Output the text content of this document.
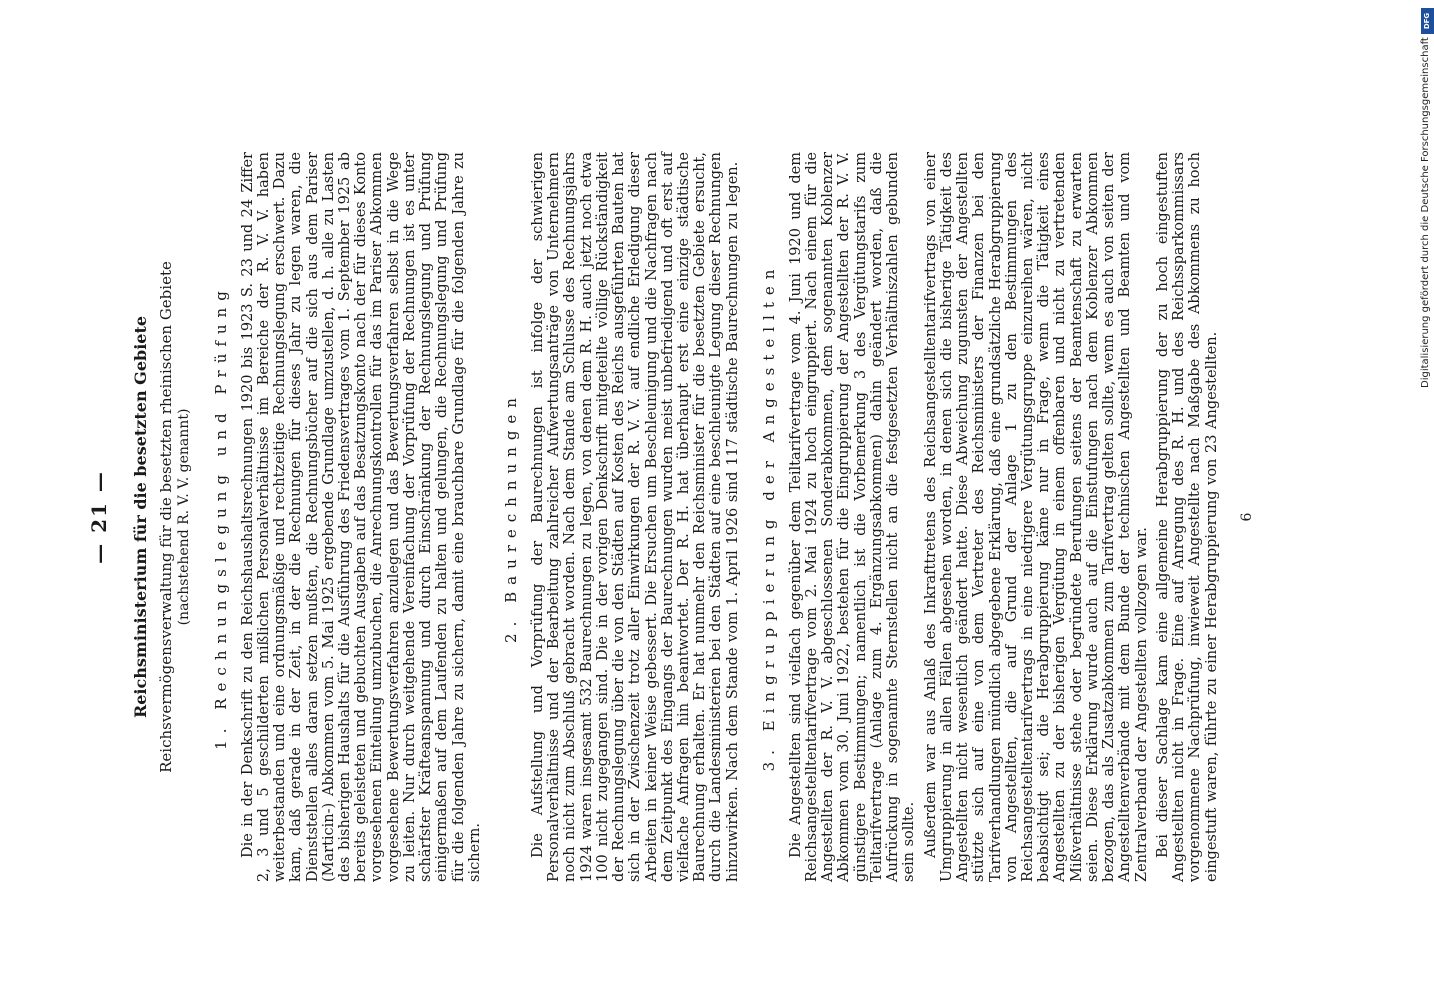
— 21 — Reichsministerium für die besetzten Gebiete Reichsvermögensverwaltung für die besetzten rheinischen Gebiete (nachstehend R. V. V. genannt) 1. Rechnungslegung und Prüfung Die in der Denkschrift zu den Reichshaushaltsrechnungen 1920 bis 1923 S. 23 und 24 Ziffer 2, 3 und 5 geschilderten mißlichen Personalverhältnisse im Bereiche der R. V. V. haben weiterbestanden und eine ordnungsmäßige und rechtzeitige Rechnungslegung erschwert. Dazu kam, daß gerade in der Zeit, in der die Rechnungen für dieses Jahr zu legen waren, die Dienststellen alles daran setzen mußten, die Rechnungsbücher auf die sich aus dem Pariser (Marticin-) Abkommen vom 5. Mai 1925 ergebende Grundlage umzustellen, d. h. alle zu Lasten des bisherigen Haushalts für die Ausführung des Friedensvertrages vom 1. September 1925 ab bereits geleisteten und gebuchten Ausgaben auf das Besatzungskonto nach der für dieses Konto vorgesehenen Einteilung umzubuchen, die Anrechnungskontrollen für das im Pariser Abkommen vorgesehene Bewertungsverfahren anzulegen und das Bewertungsverfahren selbst in die Wege zu leiten. Nur durch weitgehende Vereinfachung der Vorprüfung der Rechnungen ist es unter schärfster Kräfteanspannung und durch Einschränkung der Rechnungslegung und Prüfung einigermaßen auf dem Laufenden zu halten und gelungen, die Rechnungslegung und Prüfung für die folgenden Jahre zu sichern, damit eine brauchbare Grundlage für die folgenden Jahre zu sichern.

2. Baurechnungen Die Aufstellung und Vorprüfung der Baurechnungen ist infolge der schwierigen Personalverhältnisse und der Bearbeitung zahlreicher Aufwertungsanträge von Unternehmern noch nicht zum Abschluß gebracht worden. Nach dem Stande am Schlusse des Rechnungsjahrs 1924 waren insgesamt 532 Baurechnungen zu legen, von denen dem R. H. auch jetzt noch etwa 100 nicht zugegangen sind. Die in der vorigen Denkschrift mitgeteilte völlige Rückständigkeit der Rechnungslegung über die von den Städten auf Kosten des Reichs ausgeführten Bauten hat sich in der Zwischenzeit trotz aller Einwirkungen der R. V. V. auf endliche Erledigung dieser Arbeiten in keiner Weise gebessert. Die Ersuchen um Beschleunigung und die Nachfragen nach dem Zeitpunkt des Eingangs der Baurechnungen wurden meist unbefriedigend und oft erst auf vielfache Anfragen hin beantwortet. Der R. H. hat überhaupt erst eine einzige städtische Baurechnung erhalten. Er hat nunmehr den Reichsminister für die besetzten Gebiete ersucht, durch die Landesministerien bei den Städten auf eine beschleunigte Legung dieser Rechnungen hinzuwirken. Nach dem Stande vom 1. April 1926 sind 117 städtische Baurechnungen zu legen. 3. Eingruppierung der Angestellten Die Angestellten sind vielfach gegenüber dem Teiltarifvertrage vom 4. Juni 1920 und dem Reichsangestelltentarifvertrage vom 2. Mai 1924 zu hoch eingruppiert. Nach einem für die Angestellten der R. V. V. abgeschlossenen Sonderabkommen, dem sogenannten Koblenzer Abkommen vom 30. Juni 1922, bestehen für die Eingruppierung der Angestellten der R. V. V. günstigere Bestimmungen; namentlich ist die Vorbemerkung 3 des Vergütungstarifs zum Teiltarifvertrage (Anlage zum 4. Ergänzungsabkommen) dahin geändert worden, daß die Aufrückung in sogenannte Sternstellen nicht an die festgesetzten Verhältniszahlen gebunden sein sollte. Außerdem war aus Anlaß des Inkrafttretens des Reichsangestelltentarifvertrags von einer Umgruppierung in allen Fällen abgesehen worden, in denen sich die bisherige Tätigkeit des Angestellten nicht wesentlich geändert hatte. Diese Abweichung zugunsten der Angestellten stützte sich auf eine von dem Vertreter des Reichsministers der Finanzen bei den Tarifverhandlungen mündlich abgegebene Erklärung, daß eine grundsätzliche Herabgruppierung von Angestellten, die auf Grund der Anlage 1 zu den Bestimmungen des Reichsangestelltentarifvertrags in eine niedrigere Vergütungsgruppe einzureihen wären, nicht beabsichtigt sei; die Herabgruppierung käme nur in Frage, wenn die Tätigkeit eines Angestellten zu der bisherigen Vergütung in einem offenbaren und nicht zu vertretenden Mißverhältnisse stehe oder begründete Berufungen seitens der Beamtenschaft zu erwarten seien. Diese Erklärung wurde auch auf die Einstufungen nach dem Koblenzer Abkommen bezogen, das als Zusatzabkommen zum Tarifvertrag gelten sollte, wenn es auch von seiten der Angestelltenverbände mit dem Bunde der technischen Angestellten und Beamten und vom Zentralverband der Angestellten vollzogen war. Bei dieser Sachlage kam eine allgemeine Herabgruppierung der zu hoch eingestuften Angestellten nicht in Frage. Eine auf Anregung des R. H. und des Reichssparkommissars vorgenommene Nachprüfung, inwieweit Angestellte nach Maßgabe des Abkommens zu hoch eingestuft waren, führte zu einer Herabgruppierung von 23 Angestellten. 6
DFG
Digitalisierung gefördert durch die Deutsche Forschungsgemeinschaft
